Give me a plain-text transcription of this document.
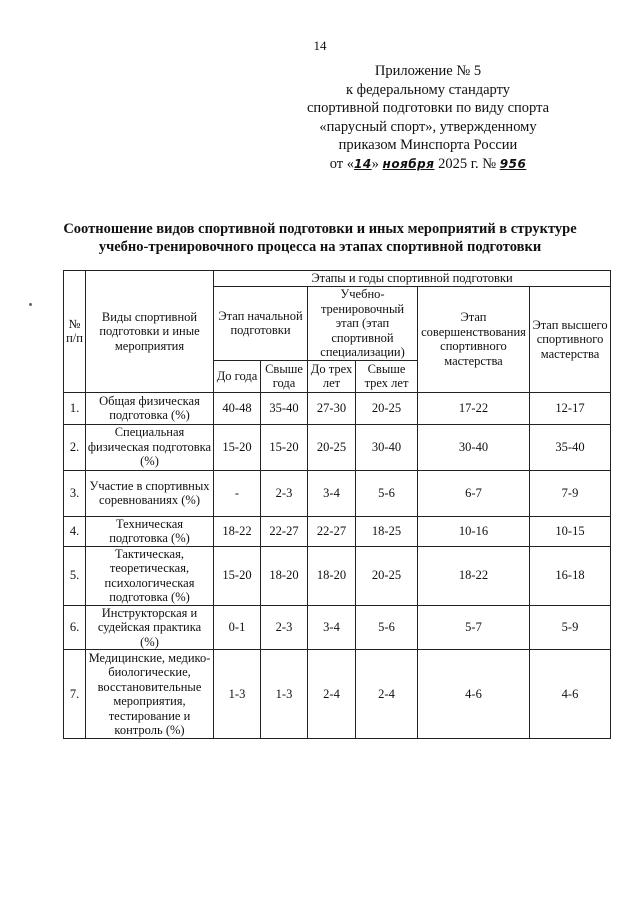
14
Приложение № 5
к федеральному стандарту
спортивной подготовки по виду спорта
«парусный спорт», утвержденному
приказом Минспорта России
от «14» ноября 2025 г. № 956
Соотношение видов спортивной подготовки и иных мероприятий в структуре
учебно-тренировочного процесса на этапах спортивной подготовки
№ п/п	Виды спортивной подготовки и иные мероприятия	Этапы и годы спортивной подготовки					
		Этап начальной подготовки		Учебно-тренировочный этап (этап спортивной специализации)		Этап совершенствования спортивного мастерства	Этап высшего спортивного мастерства
		До года	Свыше года	До трех лет	Свыше трех лет		
1.	Общая физическая подготовка (%)	40-48	35-40	27-30	20-25	17-22	12-17
2.	Специальная физическая подготовка (%)	15-20	15-20	20-25	30-40	30-40	35-40
3.	Участие в спортивных соревнованиях (%)	-	2-3	3-4	5-6	6-7	7-9
4.	Техническая подготовка (%)	18-22	22-27	22-27	18-25	10-16	10-15
5.	Тактическая, теоретическая, психологическая подготовка (%)	15-20	18-20	18-20	20-25	18-22	16-18
6.	Инструкторская и судейская практика (%)	0-1	2-3	3-4	5-6	5-7	5-9
7.	Медицинские, медико-биологические, восстановительные мероприятия, тестирование и контроль (%)	1-3	1-3	2-4	2-4	4-6	4-6
